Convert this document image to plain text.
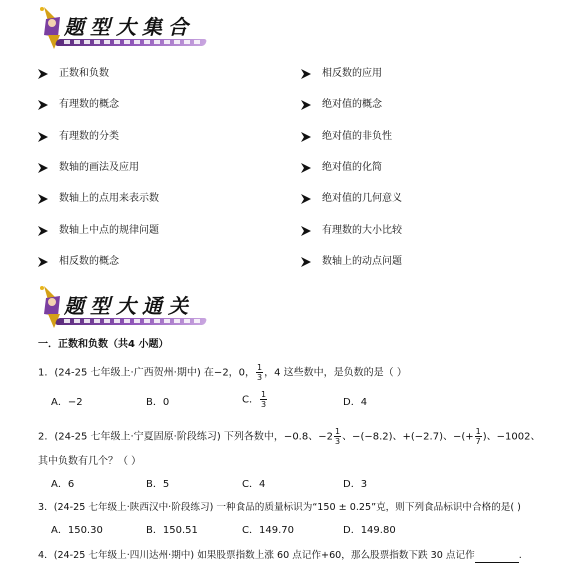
题型大集合
正数和负数
有理数的概念
有理数的分类
数轴的画法及应用
数轴上的点用来表示数
数轴上中点的规律问题
相反数的概念
相反数的应用
绝对值的概念
绝对值的非负性
绝对值的化简
绝对值的几何意义
有理数的大小比较
数轴上的动点问题
题型大通关
一．正数和负数（共4 小题）
1．(24-25 七年级上·广西贺州·期中) 在−2，0， $\frac{1}{3}$ ，4 这些数中，是负数的是（ ）
A．−2	B．0	C． $\frac{1}{3}$	D．4
2．(24-25 七年级上·宁夏固原·阶段练习) 下列各数中，−0.8、$-2 \frac{1}{3}$ 、−(−8.2)、+(−2.7)、−(+ $\frac{1}{7}$ )、−1002、
其中负数有几个？（ ）
A．6	B．5	C．4	D．3
3．(24-25 七年级上·陕西汉中·阶段练习) 一种食品的质量标识为“150 ± 0.25”克，则下列食品标识中合格的是( )
A．150.30	B．150.51	C．149.70	D．149.80
4．(24-25 七年级上·四川达州·期中) 如果股票指数上涨 60 点记作+60，那么股票指数下跌 30 点记作	.
